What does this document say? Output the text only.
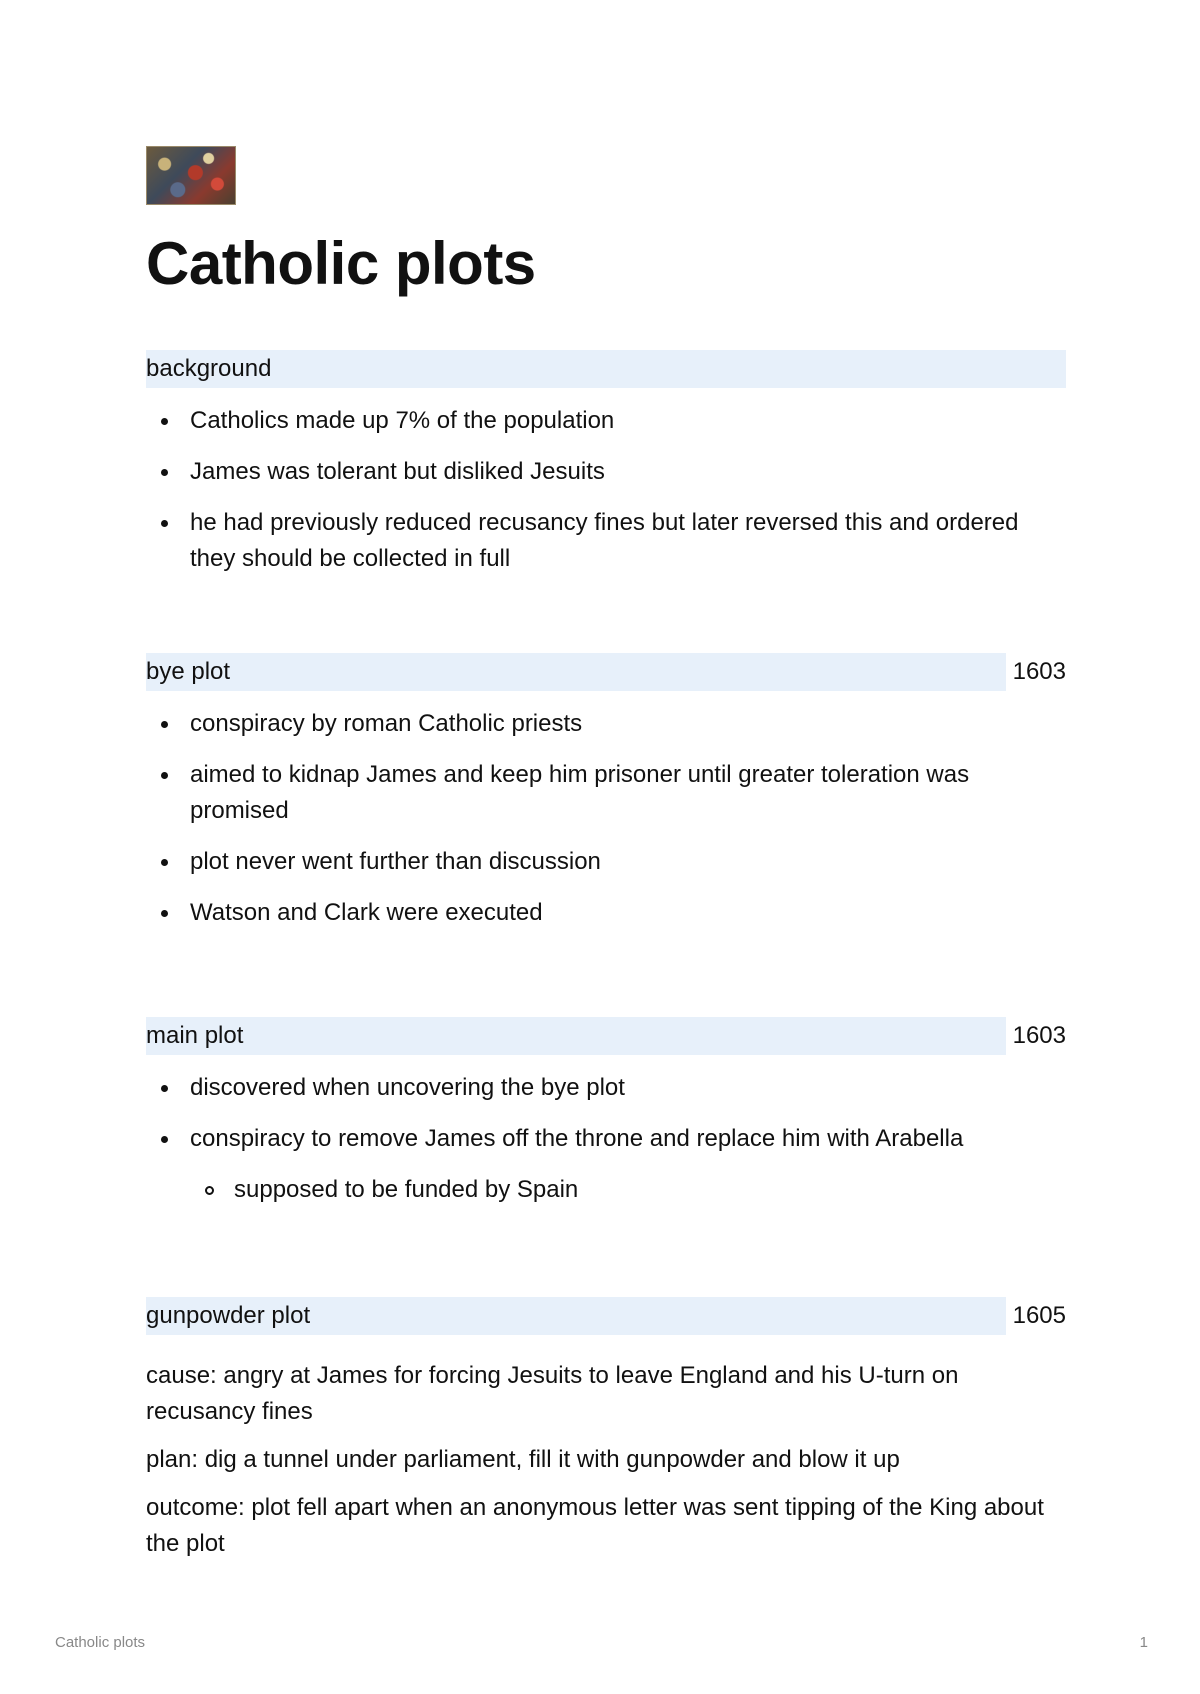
Catholic plots
background
Catholics made up 7% of the population
James was tolerant but disliked Jesuits
he had previously reduced recusancy fines but later reversed this and ordered they should be collected in full
bye plot	1603
conspiracy by roman Catholic priests
aimed to kidnap James and keep him prisoner until greater toleration was promised
plot never went further than discussion
Watson and Clark were executed
main plot	1603
discovered when uncovering the bye plot
conspiracy to remove James off the throne and replace him with Arabella
supposed to be funded by Spain
gunpowder plot	1605

cause: angry at James for forcing Jesuits to leave England and his U-turn on recusancy fines

plan: dig a tunnel under parliament, fill it with gunpowder and blow it up

outcome: plot fell apart when an anonymous letter was sent tipping of the King about the plot

Catholic plots	1
